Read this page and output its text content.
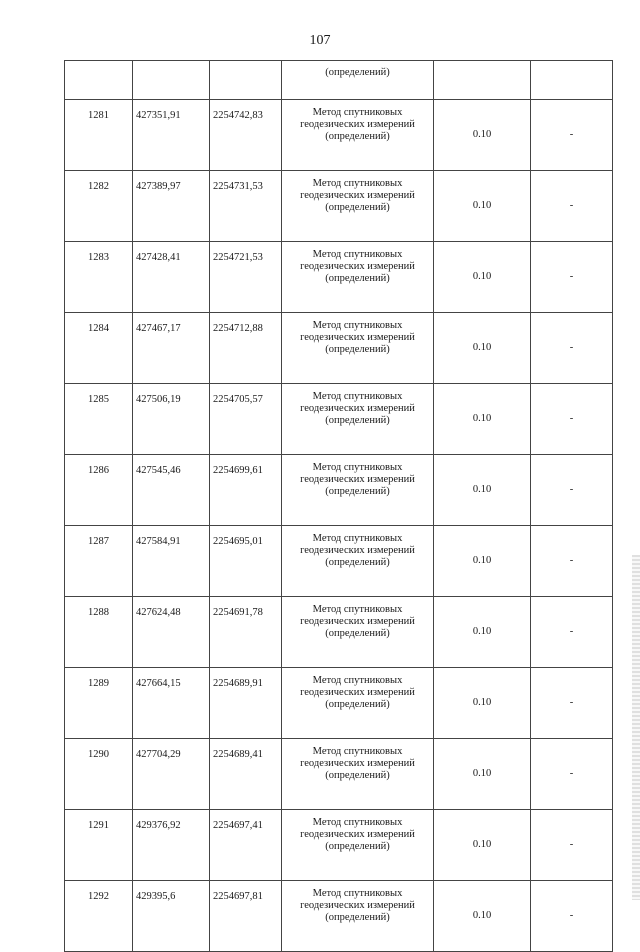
107
			(определений)		
1281	427351,91	2254742,83	Метод спутниковых
геодезических измерений
(определений)	0.10	-
1282	427389,97	2254731,53	Метод спутниковых
геодезических измерений
(определений)	0.10	-
1283	427428,41	2254721,53	Метод спутниковых
геодезических измерений
(определений)	0.10	-
1284	427467,17	2254712,88	Метод спутниковых
геодезических измерений
(определений)	0.10	-
1285	427506,19	2254705,57	Метод спутниковых
геодезических измерений
(определений)	0.10	-
1286	427545,46	2254699,61	Метод спутниковых
геодезических измерений
(определений)	0.10	-
1287	427584,91	2254695,01	Метод спутниковых
геодезических измерений
(определений)	0.10	-
1288	427624,48	2254691,78	Метод спутниковых
геодезических измерений
(определений)	0.10	-
1289	427664,15	2254689,91	Метод спутниковых
геодезических измерений
(определений)	0.10	-
1290	427704,29	2254689,41	Метод спутниковых
геодезических измерений
(определений)	0.10	-
1291	429376,92	2254697,41	Метод спутниковых
геодезических измерений
(определений)	0.10	-
1292	429395,6	2254697,81	Метод спутниковых
геодезических измерений
(определений)	0.10	-
